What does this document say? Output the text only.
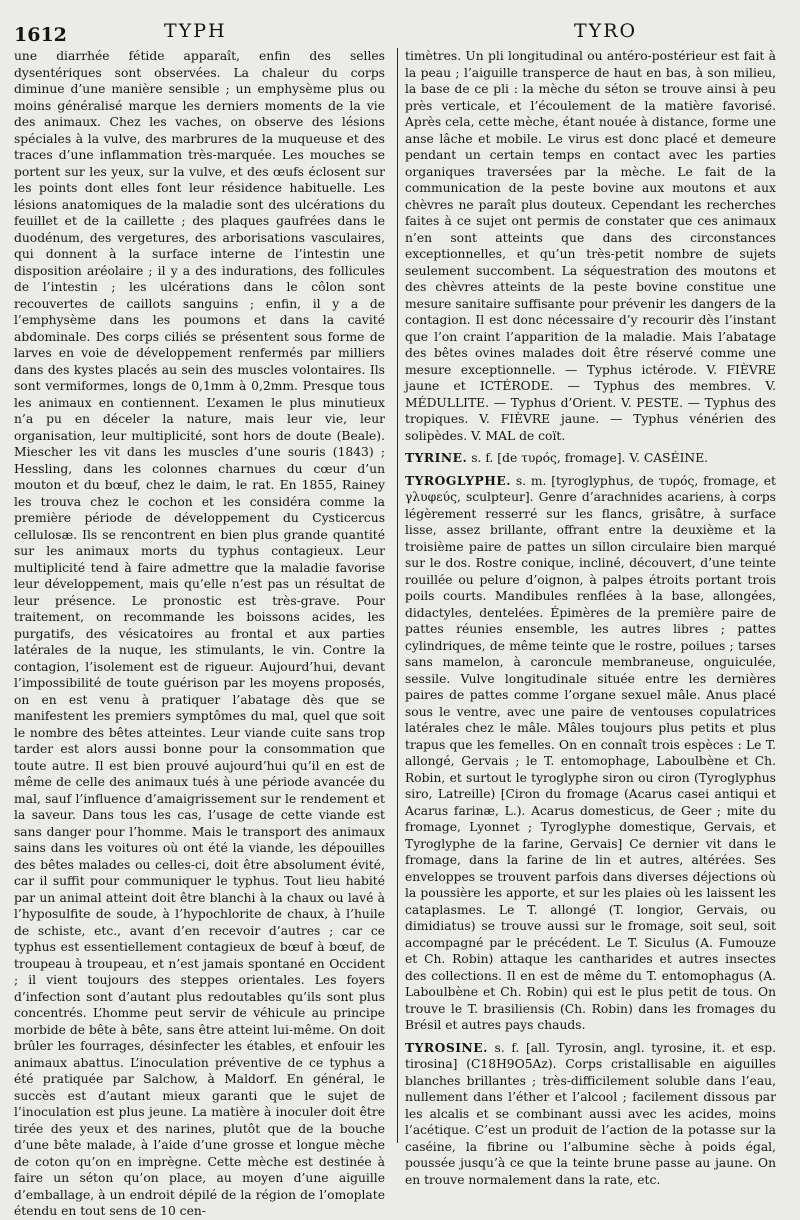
1612	TYPH	TYRO

une diarrhée fétide apparaît, enfin des selles dysentériques sont observées. La chaleur du corps diminue d’une manière sensible ; un emphysème plus ou moins généralisé marque les derniers moments de la vie des animaux. Chez les vaches, on observe des lésions spéciales à la vulve, des marbrures de la muqueuse et des traces d’une inflammation très-marquée. Les mouches se portent sur les yeux, sur la vulve, et des œufs éclosent sur les points dont elles font leur résidence habituelle. Les lésions anatomiques de la maladie sont des ulcérations du feuillet et de la caillette ; des plaques gaufrées dans le duodénum, des vergetures, des arborisations vasculaires, qui donnent à la surface interne de l’intestin une disposition aréolaire ; il y a des indurations, des follicules de l’intestin ; les ulcérations dans le côlon sont recouvertes de caillots sanguins ; enfin, il y a de l’emphysème dans les poumons et dans la cavité abdominale. Des corps ciliés se présentent sous forme de larves en voie de développement renfermés par milliers dans des kystes placés au sein des muscles volontaires. Ils sont vermiformes, longs de 0,1mm à 0,2mm. Presque tous les animaux en contiennent. L’examen le plus minutieux n’a pu en déceler la nature, mais leur vie, leur organisation, leur multiplicité, sont hors de doute (Beale). Miescher les vit dans les muscles d’une souris (1843) ; Hessling, dans les colonnes charnues du cœur d’un mouton et du bœuf, chez le daim, le rat. En 1855, Rainey les trouva chez le cochon et les considéra comme la première période de développement du Cysticercus cellulosæ. Ils se rencontrent en bien plus grande quantité sur les animaux morts du typhus contagieux. Leur multiplicité tend à faire admettre que la maladie favorise leur développement, mais qu’elle n’est pas un résultat de leur présence. Le pronostic est très-grave. Pour traitement, on recommande les boissons acides, les purgatifs, des vésicatoires au frontal et aux parties latérales de la nuque, les stimulants, le vin. Contre la contagion, l’isolement est de rigueur. Aujourd’hui, devant l’impossibilité de toute guérison par les moyens proposés, on en est venu à pratiquer l’abatage dès que se manifestent les premiers symptômes du mal, quel que soit le nombre des bêtes atteintes. Leur viande cuite sans trop tarder est alors aussi bonne pour la consommation que toute autre. Il est bien prouvé aujourd’hui qu’il en est de même de celle des animaux tués à une période avancée du mal, sauf l’influence d’amaigrissement sur le rendement et la saveur. Dans tous les cas, l’usage de cette viande est sans danger pour l’homme. Mais le transport des animaux sains dans les voitures où ont été la viande, les dépouilles des bêtes malades ou celles-ci, doit être absolument évité, car il suffit pour communiquer le typhus. Tout lieu habité par un animal atteint doit être blanchi à la chaux ou lavé à l’hyposulfite de soude, à l’hypochlorite de chaux, à l’huile de schiste, etc., avant d’en recevoir d’autres ; car ce typhus est essentiellement contagieux de bœuf à bœuf, de troupeau à troupeau, et n’est jamais spontané en Occident ; il vient toujours des steppes orientales. Les foyers d’infection sont d’autant plus redoutables qu’ils sont plus concentrés. L’homme peut servir de véhicule au principe morbide de bête à bête, sans être atteint lui-même. On doit brûler les fourrages, désinfecter les étables, et enfouir les animaux abattus. L’inoculation préventive de ce typhus a été pratiquée par Salchow, à Maldorf. En général, le succès est d’autant mieux garanti que le sujet de l’inoculation est plus jeune. La matière à inoculer doit être tirée des yeux et des narines, plutôt que de la bouche d’une bête malade, à l’aide d’une grosse et longue mèche de coton qu’on en imprègne. Cette mèche est destinée à faire un séton qu’on place, au moyen d’une aiguille d’emballage, à un endroit dépilé de la région de l’omoplate étendu en tout sens de 10 cen-

timètres. Un pli longitudinal ou antéro-postérieur est fait à la peau ; l’aiguille transperce de haut en bas, à son milieu, la base de ce pli : la mèche du séton se trouve ainsi à peu près verticale, et l’écoulement de la matière favorisé. Après cela, cette mèche, étant nouée à distance, forme une anse lâche et mobile. Le virus est donc placé et demeure pendant un certain temps en contact avec les parties organiques traversées par la mèche. Le fait de la communication de la peste bovine aux moutons et aux chèvres ne paraît plus douteux. Cependant les recherches faites à ce sujet ont permis de constater que ces animaux n’en sont atteints que dans des circonstances exceptionnelles, et qu’un très-petit nombre de sujets seulement succombent. La séquestration des moutons et des chèvres atteints de la peste bovine constitue une mesure sanitaire suffisante pour prévenir les dangers de la contagion. Il est donc nécessaire d’y recourir dès l’instant que l’on craint l’apparition de la maladie. Mais l’abatage des bêtes ovines malades doit être réservé comme une mesure exceptionnelle. — Typhus ictérode. V. FIÈVRE jaune et ICTÉRODE. — Typhus des membres. V. MÉDULLITE. — Typhus d’Orient. V. PESTE. — Typhus des tropiques. V. FIÈVRE jaune. — Typhus vénérien des solipèdes. V. MAL de coït.

TYRINE. s. f. [de τυρός, fromage]. V. CASÉINE.

TYROGLYPHE. s. m. [tyroglyphus, de τυρός, fromage, et γλυφεύς, sculpteur]. Genre d’arachnides acariens, à corps légèrement resserré sur les flancs, grisâtre, à surface lisse, assez brillante, offrant entre la deuxième et la troisième paire de pattes un sillon circulaire bien marqué sur le dos. Rostre conique, incliné, découvert, d’une teinte rouillée ou pelure d’oignon, à palpes étroits portant trois poils courts. Mandibules renflées à la base, allongées, didactyles, dentelées. Épimères de la première paire de pattes réunies ensemble, les autres libres ; pattes cylindriques, de même teinte que le rostre, poilues ; tarses sans mamelon, à caroncule membraneuse, onguiculée, sessile. Vulve longitudinale située entre les dernières paires de pattes comme l’organe sexuel mâle. Anus placé sous le ventre, avec une paire de ventouses copulatrices latérales chez le mâle. Mâles toujours plus petits et plus trapus que les femelles. On en connaît trois espèces : Le T. allongé, Gervais ; le T. entomophage, Laboulbène et Ch. Robin, et surtout le tyroglyphe siron ou ciron (Tyroglyphus siro, Latreille) [Ciron du fromage (Acarus casei antiqui et Acarus farinæ, L.). Acarus domesticus, de Geer ; mite du fromage, Lyonnet ; Tyroglyphe domestique, Gervais, et Tyroglyphe de la farine, Gervais] Ce dernier vit dans le fromage, dans la farine de lin et autres, altérées. Ses enveloppes se trouvent parfois dans diverses déjections où la poussière les apporte, et sur les plaies où les laissent les cataplasmes. Le T. allongé (T. longior, Gervais, ou dimidiatus) se trouve aussi sur le fromage, soit seul, soit accompagné par le précédent. Le T. Siculus (A. Fumouze et Ch. Robin) attaque les cantharides et autres insectes des collections. Il en est de même du T. entomophagus (A. Laboulbène et Ch. Robin) qui est le plus petit de tous. On trouve le T. brasiliensis (Ch. Robin) dans les fromages du Brésil et autres pays chauds.

TYROSINE. s. f. [all. Tyrosin, angl. tyrosine, it. et esp. tirosina] (C18H9O5Az). Corps cristallisable en aiguilles blanches brillantes ; très-difficilement soluble dans l’eau, nullement dans l’éther et l’alcool ; facilement dissous par les alcalis et se combinant aussi avec les acides, moins l’acétique. C’est un produit de l’action de la potasse sur la caséine, la fibrine ou l’albumine sèche à poids égal, poussée jusqu’à ce que la teinte brune passe au jaune. On en trouve normalement dans la rate, etc.
